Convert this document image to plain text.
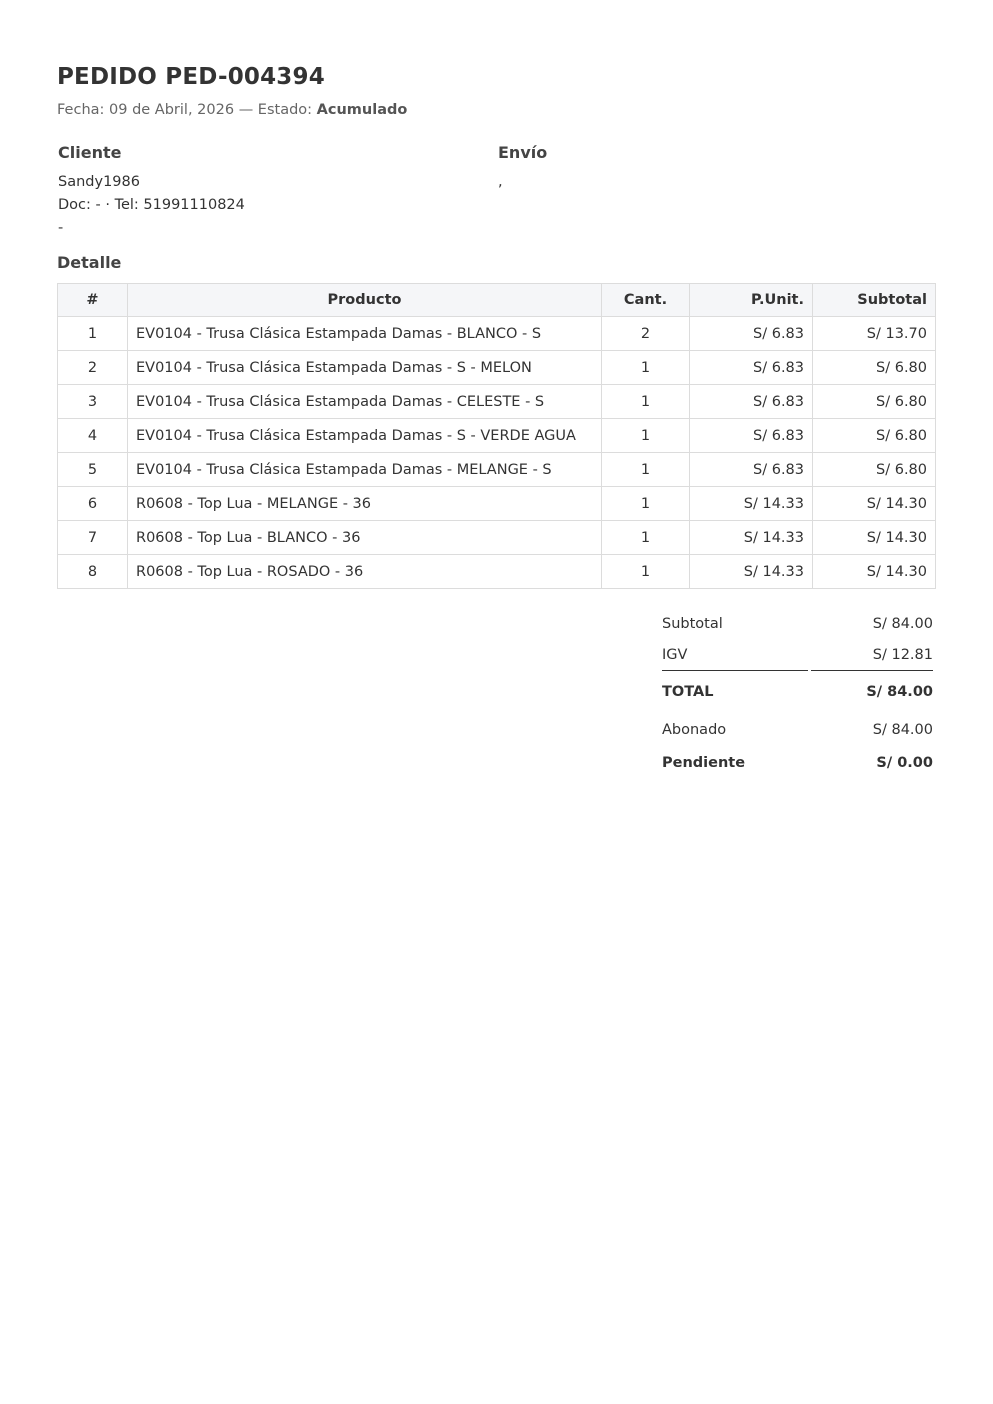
PEDIDO PED-004394
Fecha: 09 de Abril, 2026 — Estado: Acumulado
Cliente
Sandy1986
Doc: - · Tel: 51991110824
-
Envío
,
Detalle
#	Producto	Cant.	P.Unit.	Subtotal
1	EV0104 - Trusa Clásica Estampada Damas - BLANCO - S	2	S/ 6.83	S/ 13.70
2	EV0104 - Trusa Clásica Estampada Damas - S - MELON	1	S/ 6.83	S/ 6.80
3	EV0104 - Trusa Clásica Estampada Damas - CELESTE - S	1	S/ 6.83	S/ 6.80
4	EV0104 - Trusa Clásica Estampada Damas - S - VERDE AGUA	1	S/ 6.83	S/ 6.80
5	EV0104 - Trusa Clásica Estampada Damas - MELANGE - S	1	S/ 6.83	S/ 6.80
6	R0608 - Top Lua - MELANGE - 36	1	S/ 14.33	S/ 14.30
7	R0608 - Top Lua - BLANCO - 36	1	S/ 14.33	S/ 14.30
8	R0608 - Top Lua - ROSADO - 36	1	S/ 14.33	S/ 14.30
Subtotal	S/ 84.00
IGV	S/ 12.81
TOTAL	S/ 84.00
Abonado	S/ 84.00
Pendiente	S/ 0.00
